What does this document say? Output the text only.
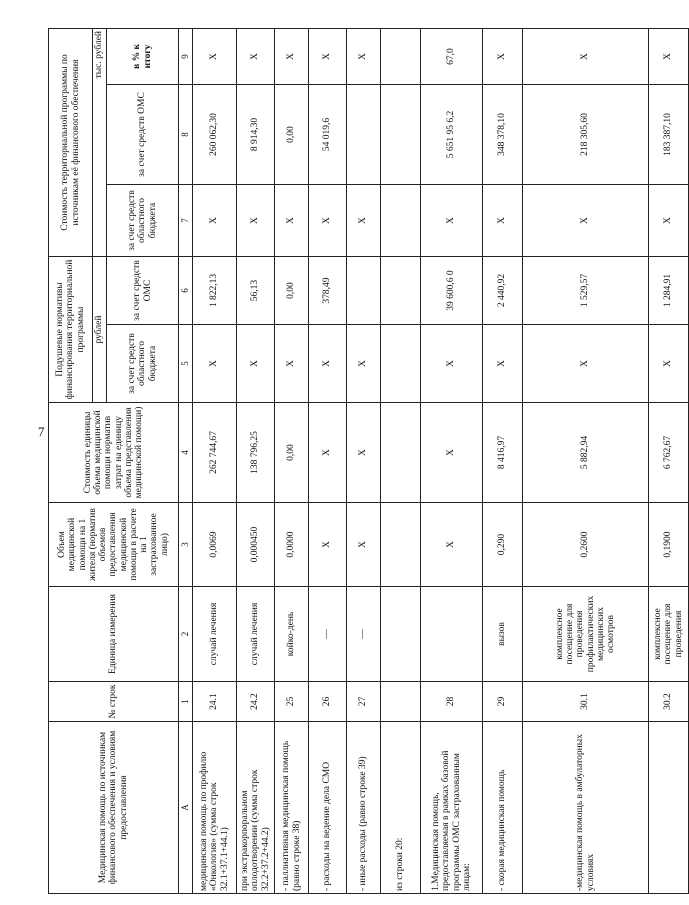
7
Медицинская помощь по источникам финансового обеспечения и условиям предоставления	№ строк	Единица измерения	Объем медицинской помощи на 1 жителя (норматив объемов предоставления медицинской помощи в расчете на 1 застрахованное лицо)	Стоимость единицы объема медицинской помощи норматив затрат на единицу объема представления медицинской помощи)	Подушевые нормативы финансирования территориальной программы		Стоимость территориальной программы по источникам её финансового обеспечения		
					рублей		тыс. рублей		
					за счет средств областного бюджета	за счет средств ОМС	за счет средств областного бюджета	за счет средств ОМС	в % к итогу
А	1	2	3	4	5	6	7	8	9
медицинская помощь по профилю «Онкология» (сумма строк 32.1+37.1+44.1)	24.1	случай лечения	0,0069	262 744,67	Х	1 822,13	Х	260 062,30	Х
при экстракорпоральном оплодотворении (сумма строк 32.2+37.2+44.2)	24.2	случай лечения	0,000450	138 796,25	Х	56,13	Х	8 914,30	Х
- паллиативная медицинская помощь (равно строке 38)	25	койко-день	0,0000	0,00	Х	0,00	Х	0,00	Х
- расходы на ведение дела СМО	26	—	Х	Х	Х	378,49	Х	54 019,6	Х
- иные расходы (равно строке 39)	27	—	Х	Х	Х		Х		Х
из строки 20:									
1.Медицинская помощь, предоставляемая в рамках базовой программы ОМС застрахованным лицам:	28		Х	Х	Х	39 600,6 0	Х	5 651 95 6,2	67,0
- скорая медицинская помощь	29	вызов	0,290	8 416,97	Х	2 440,92	Х	348 378,10	Х
-медицинская помощь в амбулаторных условиях	30.1	комплексное посещение для проведения профилактических медицинских осмотров	0,2600	5 882,94	Х	1 529,57	Х	218 305,60	Х
	30.2	комплексное посещение для проведения	0,1900	6 762,67	Х	1 284,91	Х	183 387,10	Х
